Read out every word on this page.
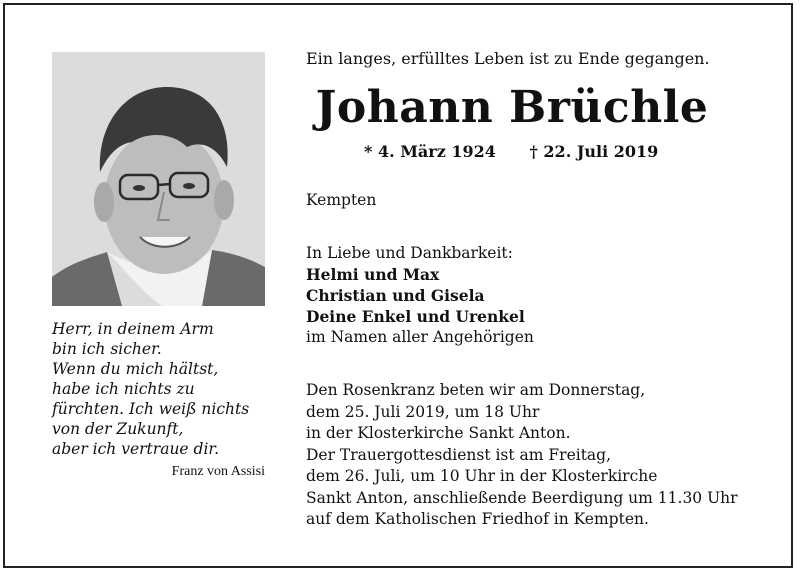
Herr, in deinem Arm
bin ich sicher.
Wenn du mich hältst,
habe ich nichts zu
fürchten. Ich weiß nichts
von der Zukunft,
aber ich vertraue dir.
Franz von Assisi
Ein langes, erfülltes Leben ist zu Ende gegangen.
Johann Brüchle
* 4. März 1924 † 22. Juli 2019
Kempten
In Liebe und Dankbarkeit:
Helmi und Max
Christian und Gisela
Deine Enkel und Urenkel
im Namen aller Angehörigen
Den Rosenkranz beten wir am Donnerstag,
dem 25. Juli 2019, um 18 Uhr
in der Klosterkirche Sankt Anton.
Der Trauergottesdienst ist am Freitag,
dem 26. Juli, um 10 Uhr in der Klosterkirche
Sankt Anton, anschließende Beerdigung um 11.30 Uhr
auf dem Katholischen Friedhof in Kempten.
